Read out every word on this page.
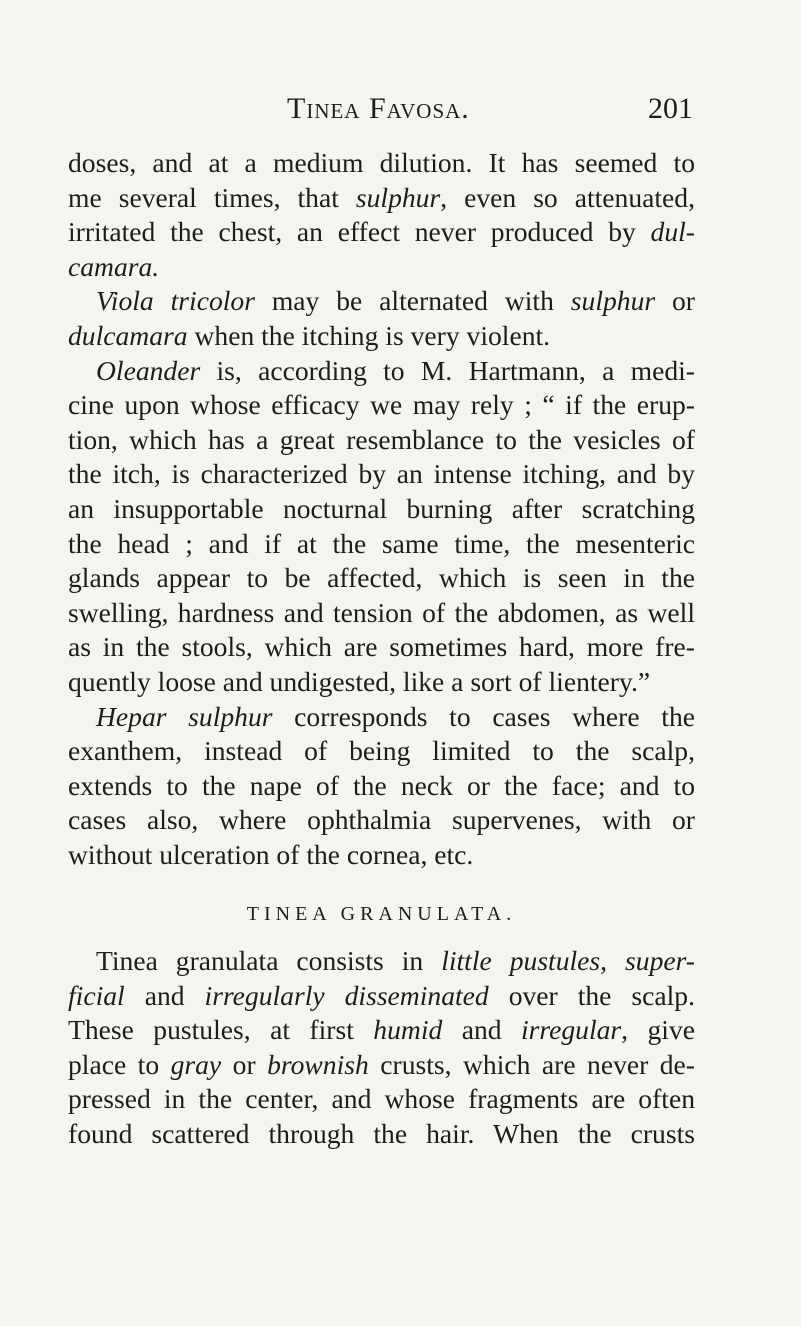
Tinea Favosa.	201

doses, and at a medium dilution. It has seemed to

me several times, that sulphur, even so attenuated,

irritated the chest, an effect never produced by dul-

camara.

Viola tricolor may be alternated with sulphur or

dulcamara when the itching is very violent.

Oleander is, according to M. Hartmann, a medi-

cine upon whose efficacy we may rely ; “ if the erup-

tion, which has a great resemblance to the vesicles of

the itch, is characterized by an intense itching, and by

an insupportable nocturnal burning after scratching

the head ; and if at the same time, the mesenteric

glands appear to be affected, which is seen in the

swelling, hardness and tension of the abdomen, as well

as in the stools, which are sometimes hard, more fre-

quently loose and undigested, like a sort of lientery.”

Hepar sulphur corresponds to cases where the

exanthem, instead of being limited to the scalp,

extends to the nape of the neck or the face; and to

cases also, where ophthalmia supervenes, with or

without ulceration of the cornea, etc.

TINEA GRANULATA.

Tinea granulata consists in little pustules, super-

ficial and irregularly disseminated over the scalp.

These pustules, at first humid and irregular, give

place to gray or brownish crusts, which are never de-

pressed in the center, and whose fragments are often

found scattered through the hair. When the crusts
